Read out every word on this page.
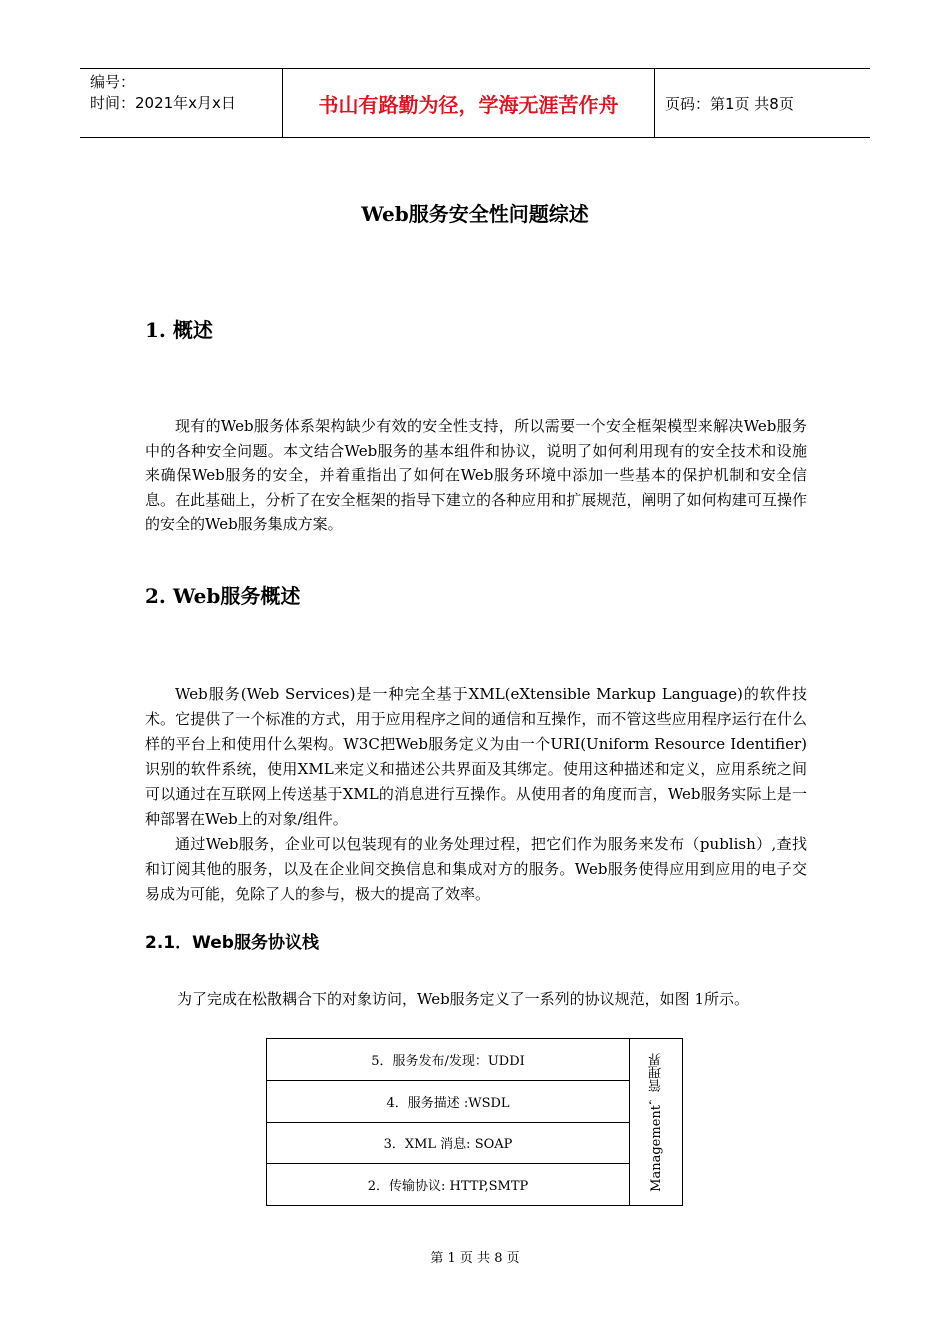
编号：
时间：2021年x月x日	书山有路勤为径，学海无涯苦作舟	页码：第1页 共8页
Web服务安全性问题综述
1. 概述

现有的Web服务体系架构缺少有效的安全性支持，所以需要一个安全框架模型来解决Web服务中的各种安全问题。本文结合Web服务的基本组件和协议，说明了如何利用现有的安全技术和设施来确保Web服务的安全，并着重指出了如何在Web服务环境中添加一些基本的保护机制和安全信息。在此基础上，分析了在安全框架的指导下建立的各种应用和扩展规范，阐明了如何构建可互操作的安全的Web服务集成方案。

2. Web服务概述

Web服务(Web Services)是一种完全基于XML(eXtensible Markup Language)的软件技术。它提供了一个标准的方式，用于应用程序之间的通信和互操作，而不管这些应用程序运行在什么样的平台上和使用什么架构。W3C把Web服务定义为由一个URI(Uniform Resource Identifier)识别的软件系统，使用XML来定义和描述公共界面及其绑定。使用这种描述和定义，应用系统之间可以通过在互联网上传送基于XML的消息进行互操作。从使用者的角度而言，Web服务实际上是一种部署在Web上的对象/组件。

通过Web服务，企业可以包装现有的业务处理过程，把它们作为服务来发布（publish）,查找和订阅其他的服务，以及在企业间交换信息和集成对方的服务。Web服务使得应用到应用的电子交易成为可能，免除了人的参与，极大的提高了效率。

2.1．Web服务协议栈
为了完成在松散耦合下的对象访问，Web服务定义了一系列的协议规范，如图 1所示。
5．服务发布/发现：UDDI
4．服务描述 :WSDL
3．XML 消息: SOAP
2．传输协议: HTTP,SMTP	Management，管理界
第 1 页 共 8 页
